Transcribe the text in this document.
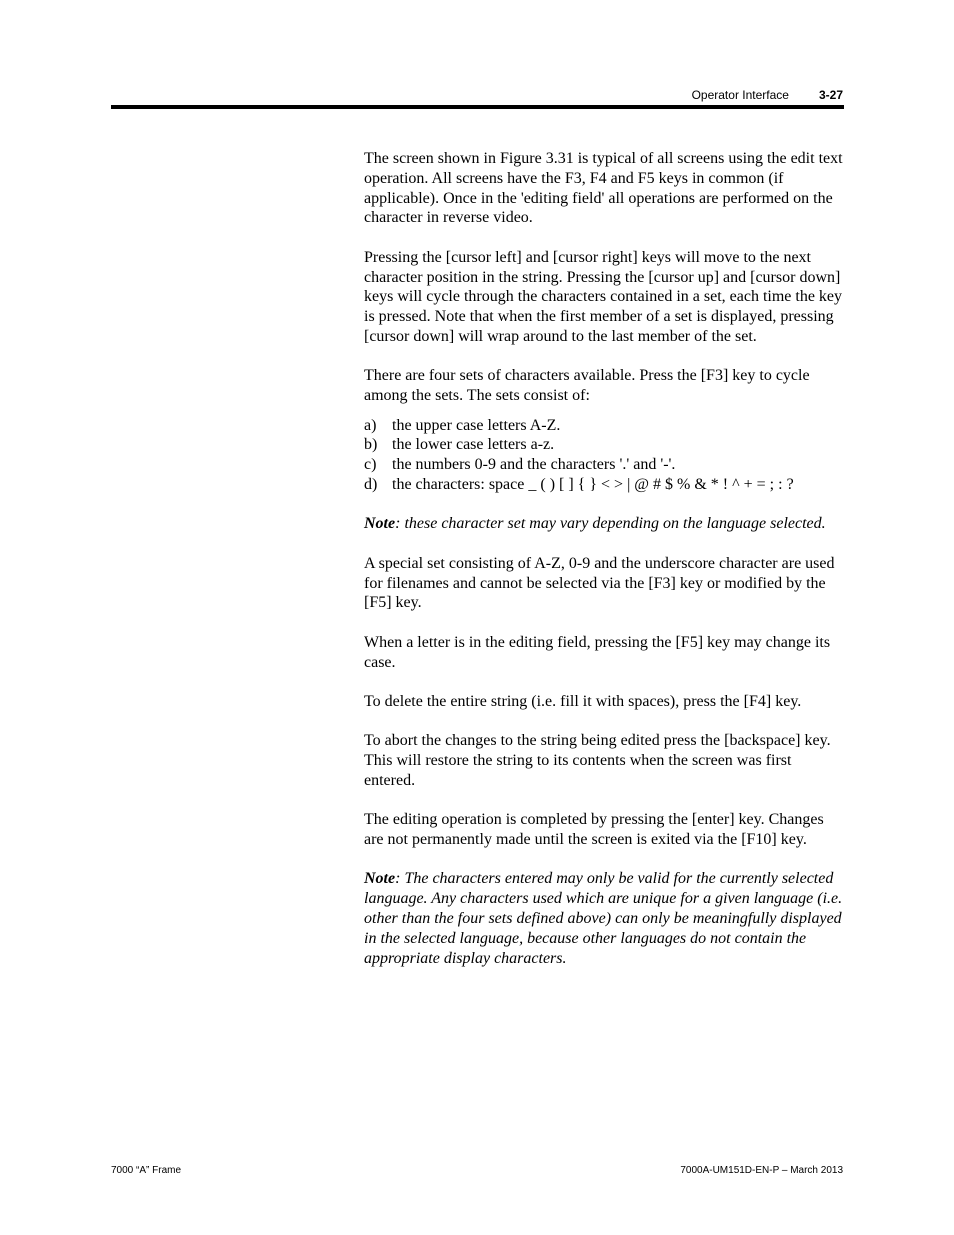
Operator Interface	3-27

The screen shown in Figure 3.31 is typical of all screens using the edit text operation. All screens have the F3, F4 and F5 keys in common (if applicable). Once in the 'editing field' all operations are performed on the character in reverse video.

Pressing the [cursor left] and [cursor right] keys will move to the next character position in the string. Pressing the [cursor up] and [cursor down] keys will cycle through the characters contained in a set, each time the key is pressed. Note that when the first member of a set is displayed, pressing [cursor down] will wrap around to the last member of the set.

There are four sets of characters available. Press the [F3] key to cycle among the sets. The sets consist of:

a) the upper case letters A-Z.
b) the lower case letters a-z.
c) the numbers 0-9 and the characters '.' and '-'.
d) the characters: space _ ( ) [ ] { } < > | @ # $ % & * ! ^ + = ; : ?

Note: these character set may vary depending on the language selected.

A special set consisting of A-Z, 0-9 and the underscore character are used for filenames and cannot be selected via the [F3] key or modified by the [F5] key.

When a letter is in the editing field, pressing the [F5] key may change its case.

To delete the entire string (i.e. fill it with spaces), press the [F4] key.

To abort the changes to the string being edited press the [backspace] key. This will restore the string to its contents when the screen was first entered.

The editing operation is completed by pressing the [enter] key. Changes are not permanently made until the screen is exited via the [F10] key.

Note: The characters entered may only be valid for the currently selected language. Any characters used which are unique for a given language (i.e. other than the four sets defined above) can only be meaningfully displayed in the selected language, because other languages do not contain the appropriate display characters.

7000 “A” Frame	7000A-UM151D-EN-P – March 2013
